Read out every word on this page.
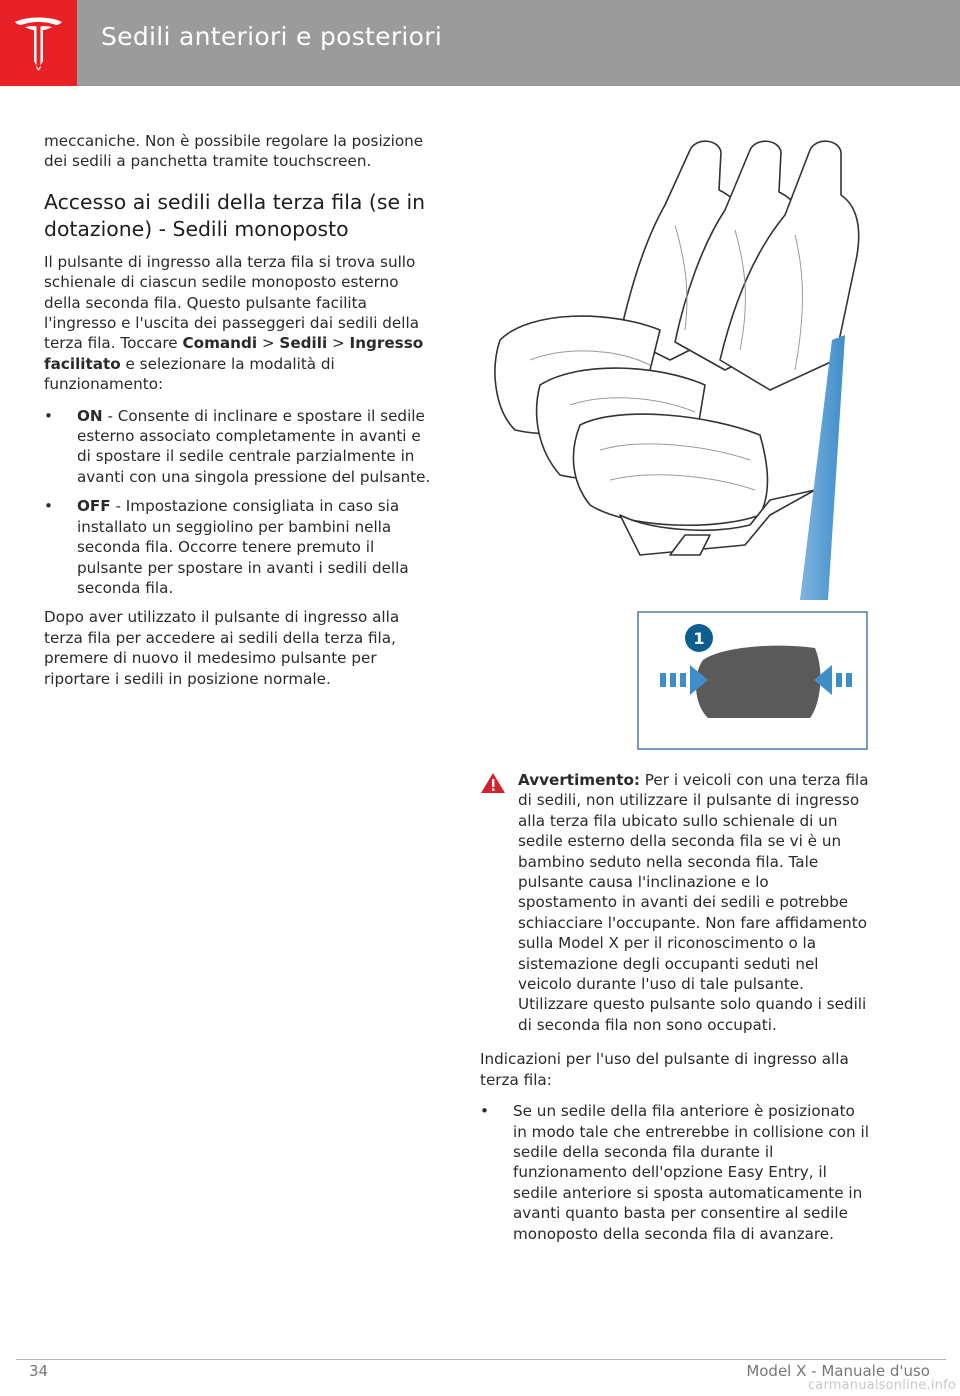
Sedili anteriori e posteriori

meccaniche. Non è possibile regolare la posizione dei sedili a panchetta tramite touchscreen.

Accesso ai sedili della terza fila (se in dotazione) - Sedili monoposto

Il pulsante di ingresso alla terza fila si trova sullo schienale di ciascun sedile monoposto esterno della seconda fila. Questo pulsante facilita l'ingresso e l'uscita dei passeggeri dai sedili della terza fila. Toccare Comandi > Sedili > Ingresso facilitato e selezionare la modalità di funzionamento:

• ON - Consente di inclinare e spostare il sedile esterno associato completamente in avanti e di spostare il sedile centrale parzialmente in avanti con una singola pressione del pulsante.
• OFF - Impostazione consigliata in caso sia installato un seggiolino per bambini nella seconda fila. Occorre tenere premuto il pulsante per spostare in avanti i sedili della seconda fila.

Dopo aver utilizzato il pulsante di ingresso alla terza fila per accedere ai sedili della terza fila, premere di nuovo il medesimo pulsante per riportare i sedili in posizione normale.

1
Avvertimento: Per i veicoli con una terza fila di sedili, non utilizzare il pulsante di ingresso alla terza fila ubicato sullo schienale di un sedile esterno della seconda fila se vi è un bambino seduto nella seconda fila. Tale pulsante causa l'inclinazione e lo spostamento in avanti dei sedili e potrebbe schiacciare l'occupante. Non fare affidamento sulla Model X per il riconoscimento o la sistemazione degli occupanti seduti nel veicolo durante l'uso di tale pulsante. Utilizzare questo pulsante solo quando i sedili di seconda fila non sono occupati.

Indicazioni per l'uso del pulsante di ingresso alla terza fila:

• Se un sedile della fila anteriore è posizionato in modo tale che entrerebbe in collisione con il sedile della seconda fila durante il funzionamento dell'opzione Easy Entry, il sedile anteriore si sposta automaticamente in avanti quanto basta per consentire al sedile monoposto della seconda fila di avanzare.
34	Model X - Manuale d'uso
carmanualsonline.info
